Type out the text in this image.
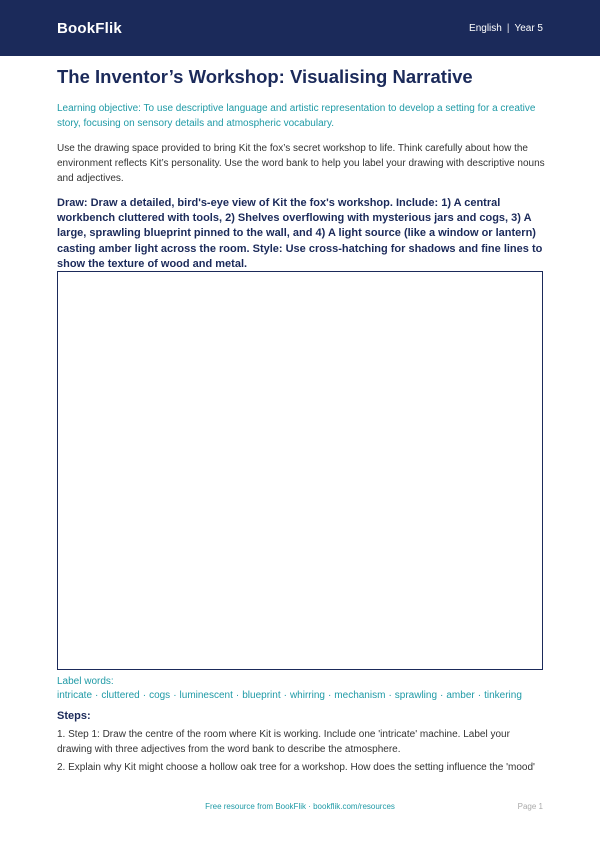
BookFlik	English | Year 5
The Inventor’s Workshop: Visualising Narrative

Learning objective: To use descriptive language and artistic representation to develop a setting for a creative story, focusing on sensory details and atmospheric vocabulary.

Use the drawing space provided to bring Kit the fox’s secret workshop to life. Think carefully about how the environment reflects Kit’s personality. Use the word bank to help you label your drawing with descriptive nouns and adjectives.

Draw: Draw a detailed, bird's-eye view of Kit the fox's workshop. Include: 1) A central workbench cluttered with tools, 2) Shelves overflowing with mysterious jars and cogs, 3) A large, sprawling blueprint pinned to the wall, and 4) A light source (like a window or lantern) casting amber light across the room. Style: Use cross-hatching for shadows and fine lines to show the texture of wood and metal.

Label words: intricate · cluttered · cogs · luminescent · blueprint · whirring · mechanism · sprawling · amber · tinkering
Steps:

1. Step 1: Draw the centre of the room where Kit is working. Include one 'intricate' machine. Label your drawing with three adjectives from the word bank to describe the atmosphere.

2. Explain why Kit might choose a hollow oak tree for a workshop. How does the setting influence the 'mood'

Free resource from BookFlik · bookflik.com/resources	Page 1
